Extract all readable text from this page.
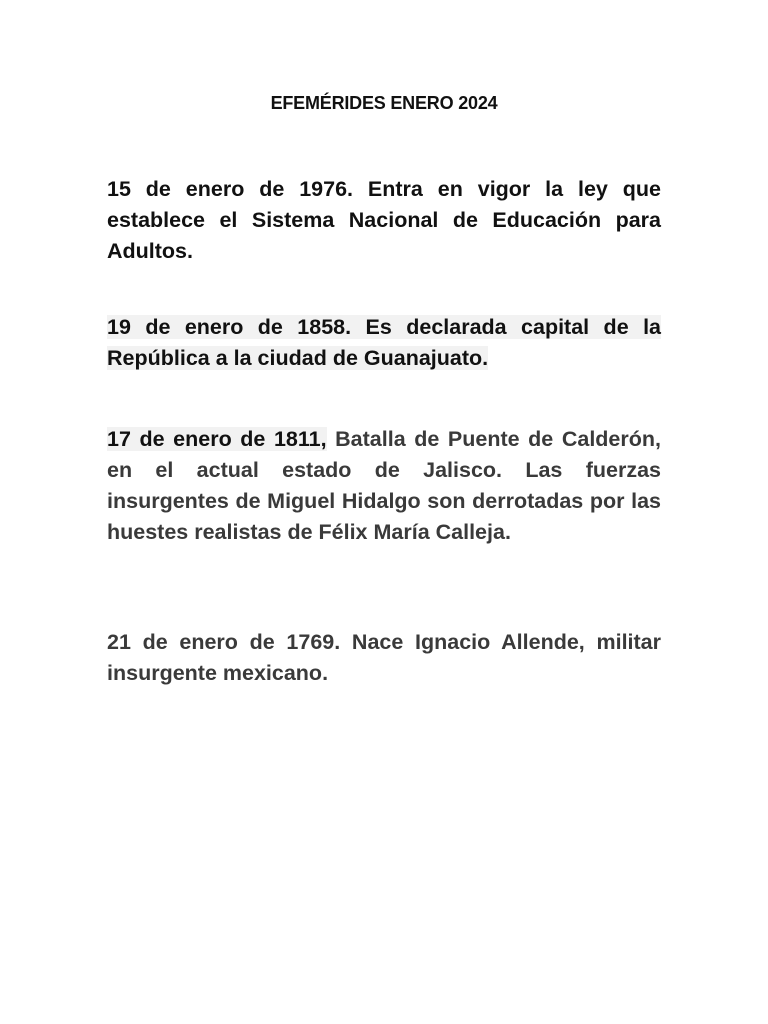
EFEMÉRIDES ENERO 2024

15 de enero de 1976. Entra en vigor la ley que establece el Sistema Nacional de Educación para Adultos.

19 de enero de 1858. Es declarada capital de la República a la ciudad de Guanajuato.

17 de enero de 1811, Batalla de Puente de Calderón, en el actual estado de Jalisco. Las fuerzas insurgentes de Miguel Hidalgo son derrotadas por las huestes realistas de Félix María Calleja.

21 de enero de 1769. Nace Ignacio Allende, militar insurgente mexicano.
